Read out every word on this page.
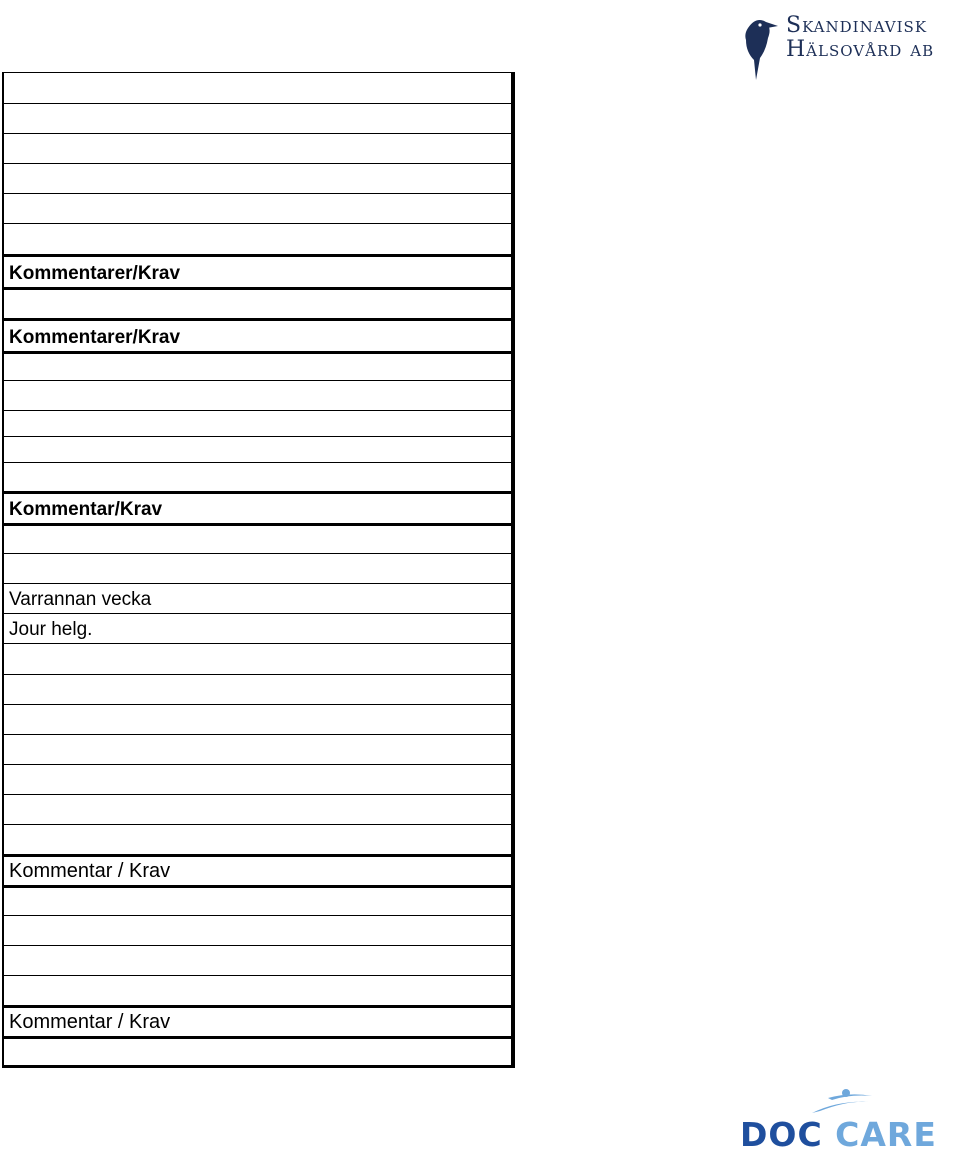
Skandinavisk
Hälsovård ab
Kommentarer/Krav
Kommentarer/Krav
Kommentar/Krav
Varrannan vecka
Jour helg.
Kommentar / Krav
Kommentar / Krav
DOC CARE
